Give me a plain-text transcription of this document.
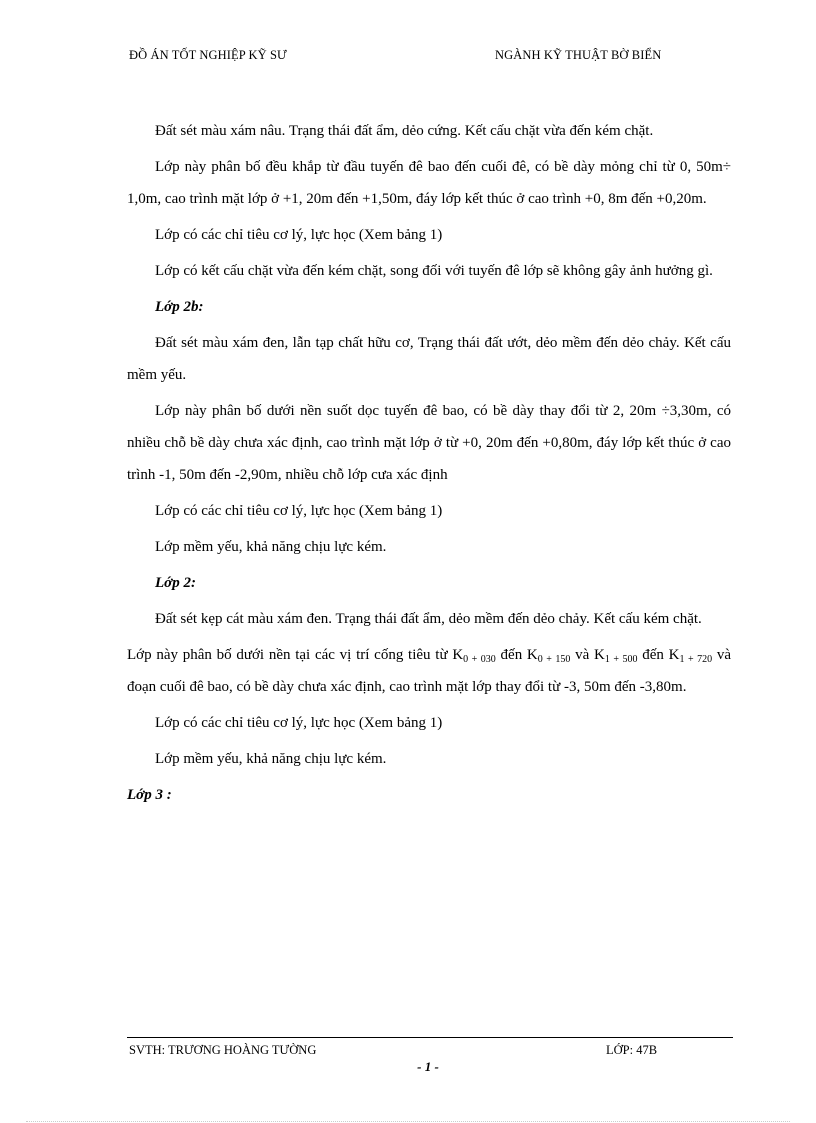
ĐỒ ÁN TỐT NGHIỆP KỸ SƯ	NGÀNH KỸ THUẬT BỜ BIỂN

Đất sét màu xám nâu. Trạng thái đất ẩm, dẻo cứng. Kết cấu chặt vừa đến kém chặt.

Lớp này phân bố đều khắp từ đầu tuyến đê bao đến cuối đê, có bề dày mỏng chỉ từ 0, 50m÷ 1,0m, cao trình mặt lớp ở +1, 20m đến +1,50m, đáy lớp kết thúc ở cao trình +0, 8m đến +0,20m.

Lớp có các chỉ tiêu cơ lý, lực học (Xem bảng 1)

Lớp có kết cấu chặt vừa đến kém chặt, song đối với tuyến đê lớp sẽ không gây ảnh hưởng gì.

Lớp 2b:

Đất sét màu xám đen, lẫn tạp chất hữu cơ, Trạng thái đất ướt, dẻo mềm đến dẻo chảy. Kết cấu mềm yếu.

Lớp này phân bố dưới nền suốt dọc tuyến đê bao, có bề dày thay đổi từ 2, 20m ÷3,30m, có nhiều chỗ bề dày chưa xác định, cao trình mặt lớp ở từ +0, 20m đến +0,80m, đáy lớp kết thúc ở cao trình -1, 50m đến -2,90m, nhiều chỗ lớp cưa xác định

Lớp có các chỉ tiêu cơ lý, lực học (Xem bảng 1)

Lớp mềm yếu, khả năng chịu lực kém.

Lớp 2:

Đất sét kẹp cát màu xám đen. Trạng thái đất ẩm, dẻo mềm đến dẻo chảy. Kết cấu kém chặt.

Lớp này phân bố dưới nền tại các vị trí cống tiêu từ $K_{0 + 030}$ đến $K_{0 + 150}$ và $K_{1 + 500}$ đến $K_{1 + 720}$ và đoạn cuối đê bao, có bề dày chưa xác định, cao trình mặt lớp thay đổi từ -3, 50m đến -3,80m.

Lớp có các chỉ tiêu cơ lý, lực học (Xem bảng 1)

Lớp mềm yếu, khả năng chịu lực kém.

Lớp 3 :

SVTH: TRƯƠNG HOÀNG TƯỜNG	LỚP: 47B
- 1 -
